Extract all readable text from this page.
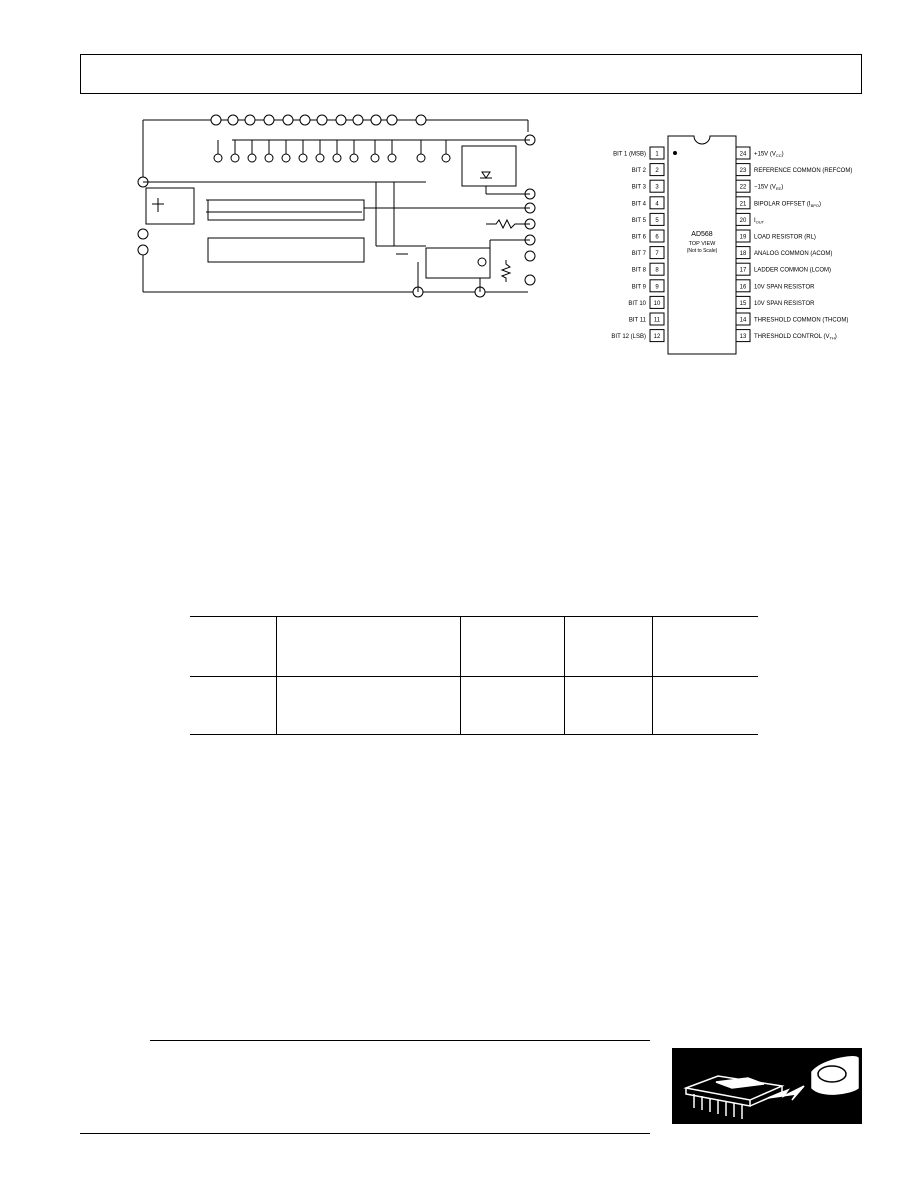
AD568
TOP VIEW
(Not to Scale)
1
BIT 1 (MSB)
2
BIT 2
3
BIT 3
4
BIT 4
5
BIT 5
6
BIT 6
7
BIT 7
8
BIT 8
9
BIT 9
10
BIT 10
11
BIT 11
12
BIT 12 (LSB)
24 +15V $(V_{CC})$
23 REFERENCE COMMON (REFCOM)
22 −15V $(V_{EE})$
21 BIPOLAR OFFSET $(I_{BPO})$
20 $I_{OUT}$
19 LOAD RESISTOR (RL)
18 ANALOG COMMON (ACOM)
17 LADDER COMMON (LCOM)
16 10V SPAN RESISTOR
15 10V SPAN RESISTOR
14 THRESHOLD COMMON (THCOM)
13 THRESHOLD CONTROL $(V_{TH})$
